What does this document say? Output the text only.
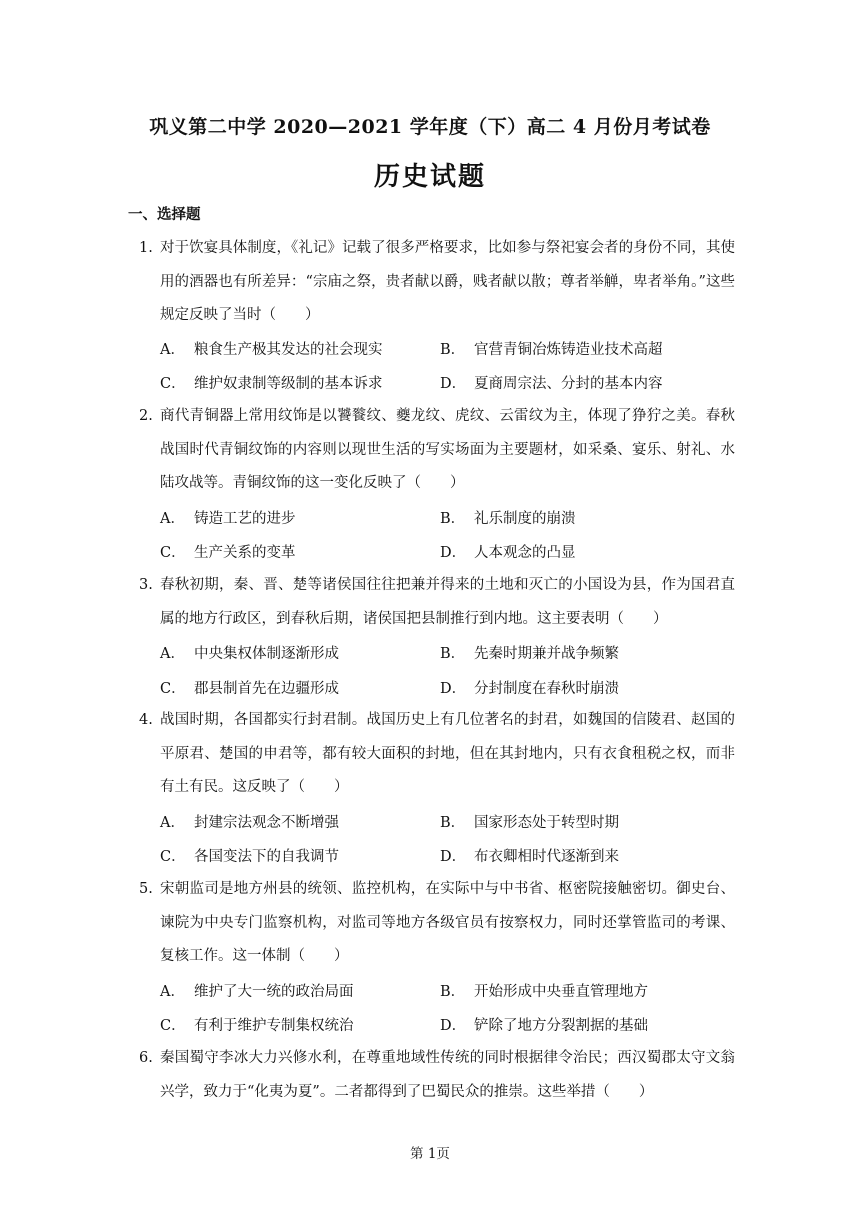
巩义第二中学 2020—2021 学年度（下）高二 4 月份月考试卷
历史试题
一、选择题
1. 对于饮宴具体制度，《礼记》记载了很多严格要求，比如参与祭祀宴会者的身份不同，其使用的酒器也有所差异：“宗庙之祭，贵者献以爵，贱者献以散；尊者举觯，卑者举角。”这些规定反映了当时（　　）
A． 粮食生产极其发达的社会现实	B． 官营青铜冶炼铸造业技术高超
C． 维护奴隶制等级制的基本诉求	D． 夏商周宗法、分封的基本内容
2. 商代青铜器上常用纹饰是以饕餮纹、夔龙纹、虎纹、云雷纹为主，体现了狰狞之美。春秋战国时代青铜纹饰的内容则以现世生活的写实场面为主要题材，如采桑、宴乐、射礼、水陆攻战等。青铜纹饰的这一变化反映了（　　）
A． 铸造工艺的进步	B． 礼乐制度的崩溃
C． 生产关系的变革	D． 人本观念的凸显
3. 春秋初期，秦、晋、楚等诸侯国往往把兼并得来的土地和灭亡的小国设为县，作为国君直属的地方行政区，到春秋后期，诸侯国把县制推行到内地。这主要表明（　　）
A． 中央集权体制逐渐形成	B． 先秦时期兼并战争频繁
C． 郡县制首先在边疆形成	D． 分封制度在春秋时崩溃
4. 战国时期，各国都实行封君制。战国历史上有几位著名的封君，如魏国的信陵君、赵国的平原君、楚国的申君等，都有较大面积的封地，但在其封地内，只有衣食租税之权，而非有土有民。这反映了（　　）
A． 封建宗法观念不断增强	B． 国家形态处于转型时期
C． 各国变法下的自我调节	D． 布衣卿相时代逐渐到来
5. 宋朝监司是地方州县的统领、监控机构，在实际中与中书省、枢密院接触密切。御史台、谏院为中央专门监察机构，对监司等地方各级官员有按察权力，同时还掌管监司的考课、复核工作。这一体制（　　）
A． 维护了大一统的政治局面	B． 开始形成中央垂直管理地方
C． 有利于维护专制集权统治	D． 铲除了地方分裂割据的基础
6. 秦国蜀守李冰大力兴修水利，在尊重地域性传统的同时根据律令治民；西汉蜀郡太守文翁兴学，致力于“化夷为夏”。二者都得到了巴蜀民众的推崇。这些举措（　　）
第 1页
